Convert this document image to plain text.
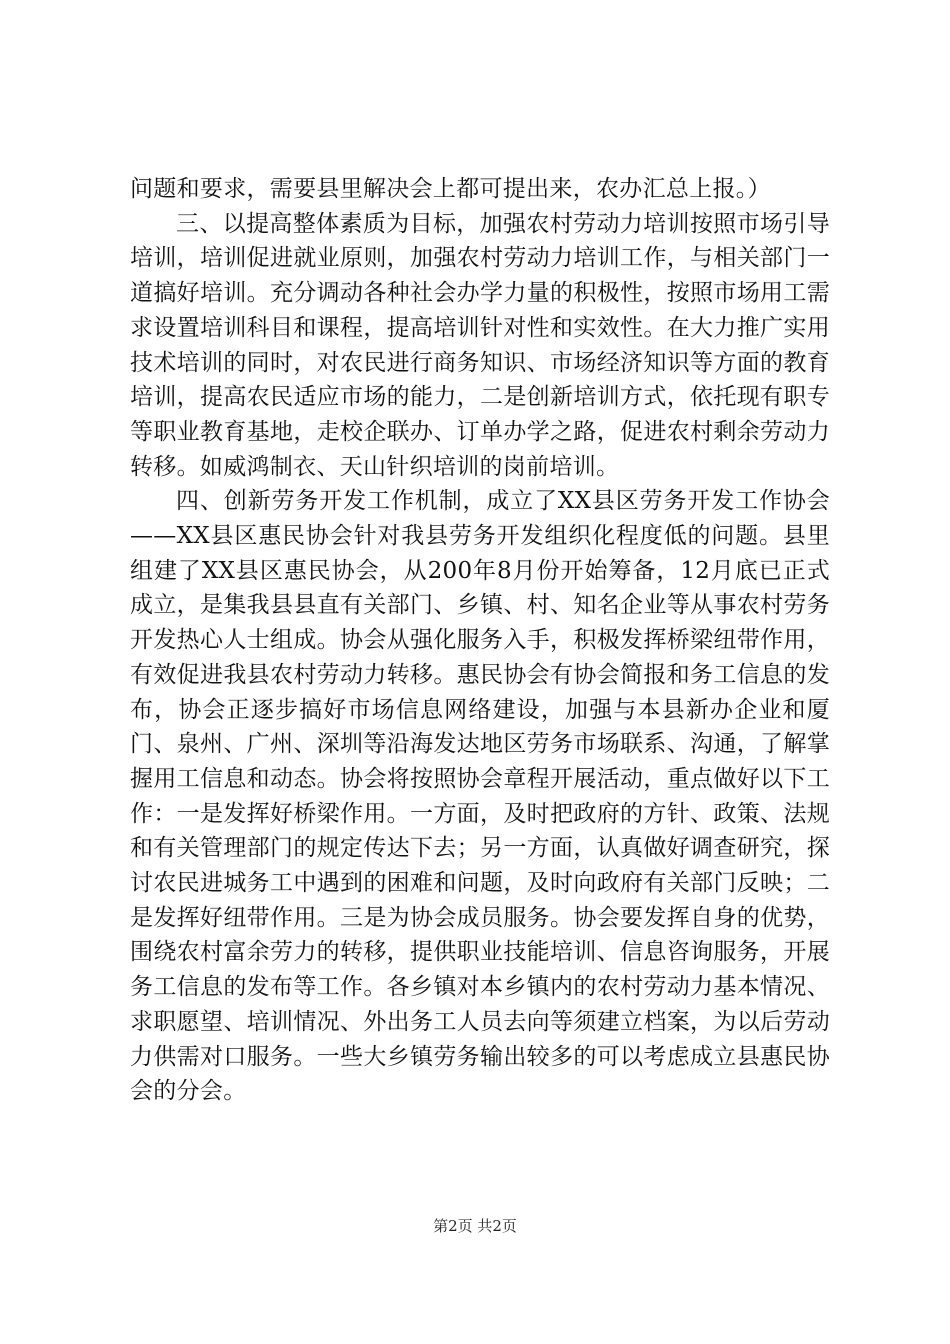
问题和要求，需要县里解决会上都可提出来，农办汇总上报。）

三、以提高整体素质为目标，加强农村劳动力培训按照市场引导培训，培训促进就业原则，加强农村劳动力培训工作，与相关部门一道搞好培训。充分调动各种社会办学力量的积极性，按照市场用工需求设置培训科目和课程，提高培训针对性和实效性。在大力推广实用技术培训的同时，对农民进行商务知识、市场经济知识等方面的教育培训，提高农民适应市场的能力，二是创新培训方式，依托现有职专等职业教育基地，走校企联办、订单办学之路，促进农村剩余劳动力转移。如威鸿制衣、天山针织培训的岗前培训。

四、创新劳务开发工作机制，成立了XX县区劳务开发工作协会——XX县区惠民协会针对我县劳务开发组织化程度低的问题。县里组建了XX县区惠民协会，从200年8月份开始筹备，12月底已正式成立，是集我县县直有关部门、乡镇、村、知名企业等从事农村劳务开发热心人士组成。协会从强化服务入手，积极发挥桥梁纽带作用，有效促进我县农村劳动力转移。惠民协会有协会简报和务工信息的发布，协会正逐步搞好市场信息网络建设，加强与本县新办企业和厦门、泉州、广州、深圳等沿海发达地区劳务市场联系、沟通，了解掌握用工信息和动态。协会将按照协会章程开展活动，重点做好以下工作：一是发挥好桥梁作用。一方面，及时把政府的方针、政策、法规和有关管理部门的规定传达下去；另一方面，认真做好调查研究，探讨农民进城务工中遇到的困难和问题，及时向政府有关部门反映；二是发挥好纽带作用。三是为协会成员服务。协会要发挥自身的优势，围绕农村富余劳力的转移，提供职业技能培训、信息咨询服务，开展务工信息的发布等工作。各乡镇对本乡镇内的农村劳动力基本情况、求职愿望、培训情况、外出务工人员去向等须建立档案，为以后劳动力供需对口服务。一些大乡镇劳务输出较多的可以考虑成立县惠民协会的分会。

第2页 共2页
